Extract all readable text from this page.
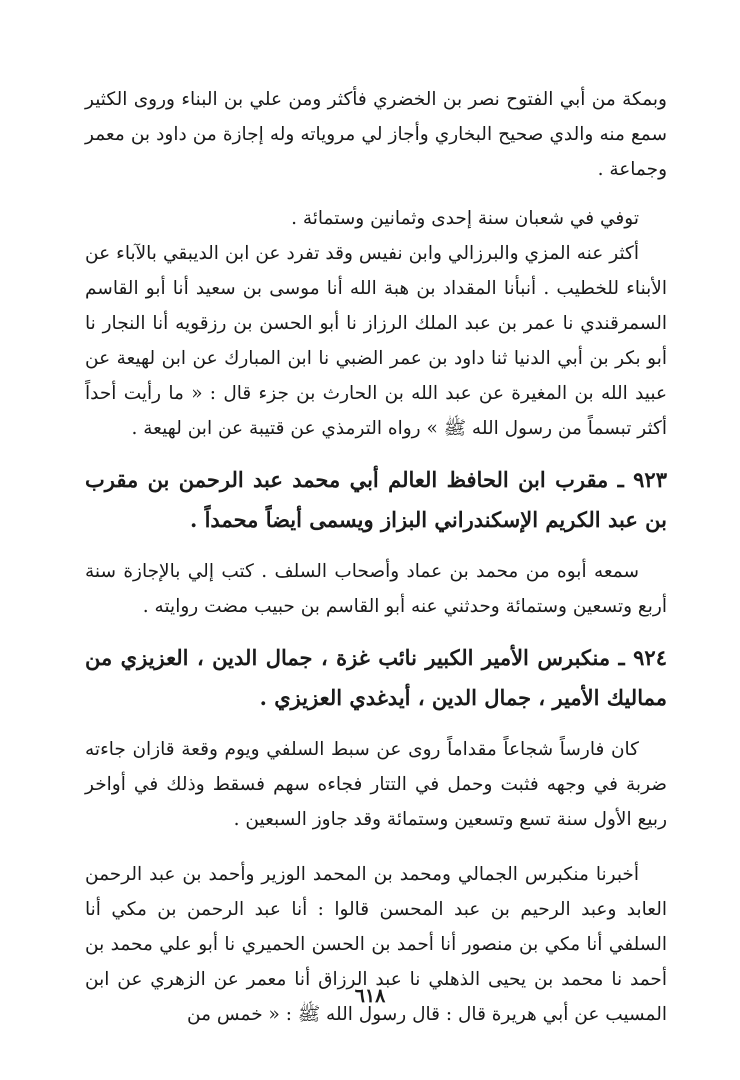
وبمكة من أبي الفتوح نصر بن الخضري فأكثر ومن علي بن البناء وروى الكثير سمع منه والدي صحيح البخاري وأجاز لي مروياته وله إجازة من داود بن معمر وجماعة .

توفي في شعبان سنة إحدى وثمانين وستمائة .

أكثر عنه المزي والبرزالي وابن نفيس وقد تفرد عن ابن الديبقي بالآباء عن الأبناء للخطيب . أنبأنا المقداد بن هبة الله أنا موسى بن سعيد أنا أبو القاسم السمرقندي نا عمر بن عبد الملك الرزاز نا أبو الحسن بن رزقويه أنا النجار نا أبو بكر بن أبي الدنيا ثنا داود بن عمر الضبي نا ابن المبارك عن ابن لهيعة عن عبيد الله بن المغيرة عن عبد الله بن الحارث بن جزء قال : « ما رأيت أحداً أكثر تبسماً من رسول الله ﷺ » رواه الترمذي عن قتيبة عن ابن لهيعة .

٩٢٣ ـ مقرب ابن الحافظ العالم أبي محمد عبد الرحمن بن مقرب بن عبد الكريم الإسكندراني البزاز ويسمى أيضاً محمداً .

سمعه أبوه من محمد بن عماد وأصحاب السلف . كتب إلي بالإجازة سنة أربع وتسعين وستمائة وحدثني عنه أبو القاسم بن حبيب مضت روايته .

٩٢٤ ـ منكبرس الأمير الكبير نائب غزة ، جمال الدين ، العزيزي من مماليك الأمير ، جمال الدين ، أيدغدي العزيزي .

كان فارساً شجاعاً مقداماً روى عن سبط السلفي ويوم وقعة قازان جاءته ضربة في وجهه فثبت وحمل في التتار فجاءه سهم فسقط وذلك في أواخر ربيع الأول سنة تسع وتسعين وستمائة وقد جاوز السبعين .

أخبرنا منكبرس الجمالي ومحمد بن المحمد الوزير وأحمد بن عبد الرحمن العابد وعبد الرحيم بن عبد المحسن قالوا : أنا عبد الرحمن بن مكي أنا السلفي أنا مكي بن منصور أنا أحمد بن الحسن الحميري نا أبو علي محمد بن أحمد نا محمد بن يحيى الذهلي نا عبد الرزاق أنا معمر عن الزهري عن ابن المسيب عن أبي هريرة قال : قال رسول الله ﷺ : « خمس من

٦١٨
